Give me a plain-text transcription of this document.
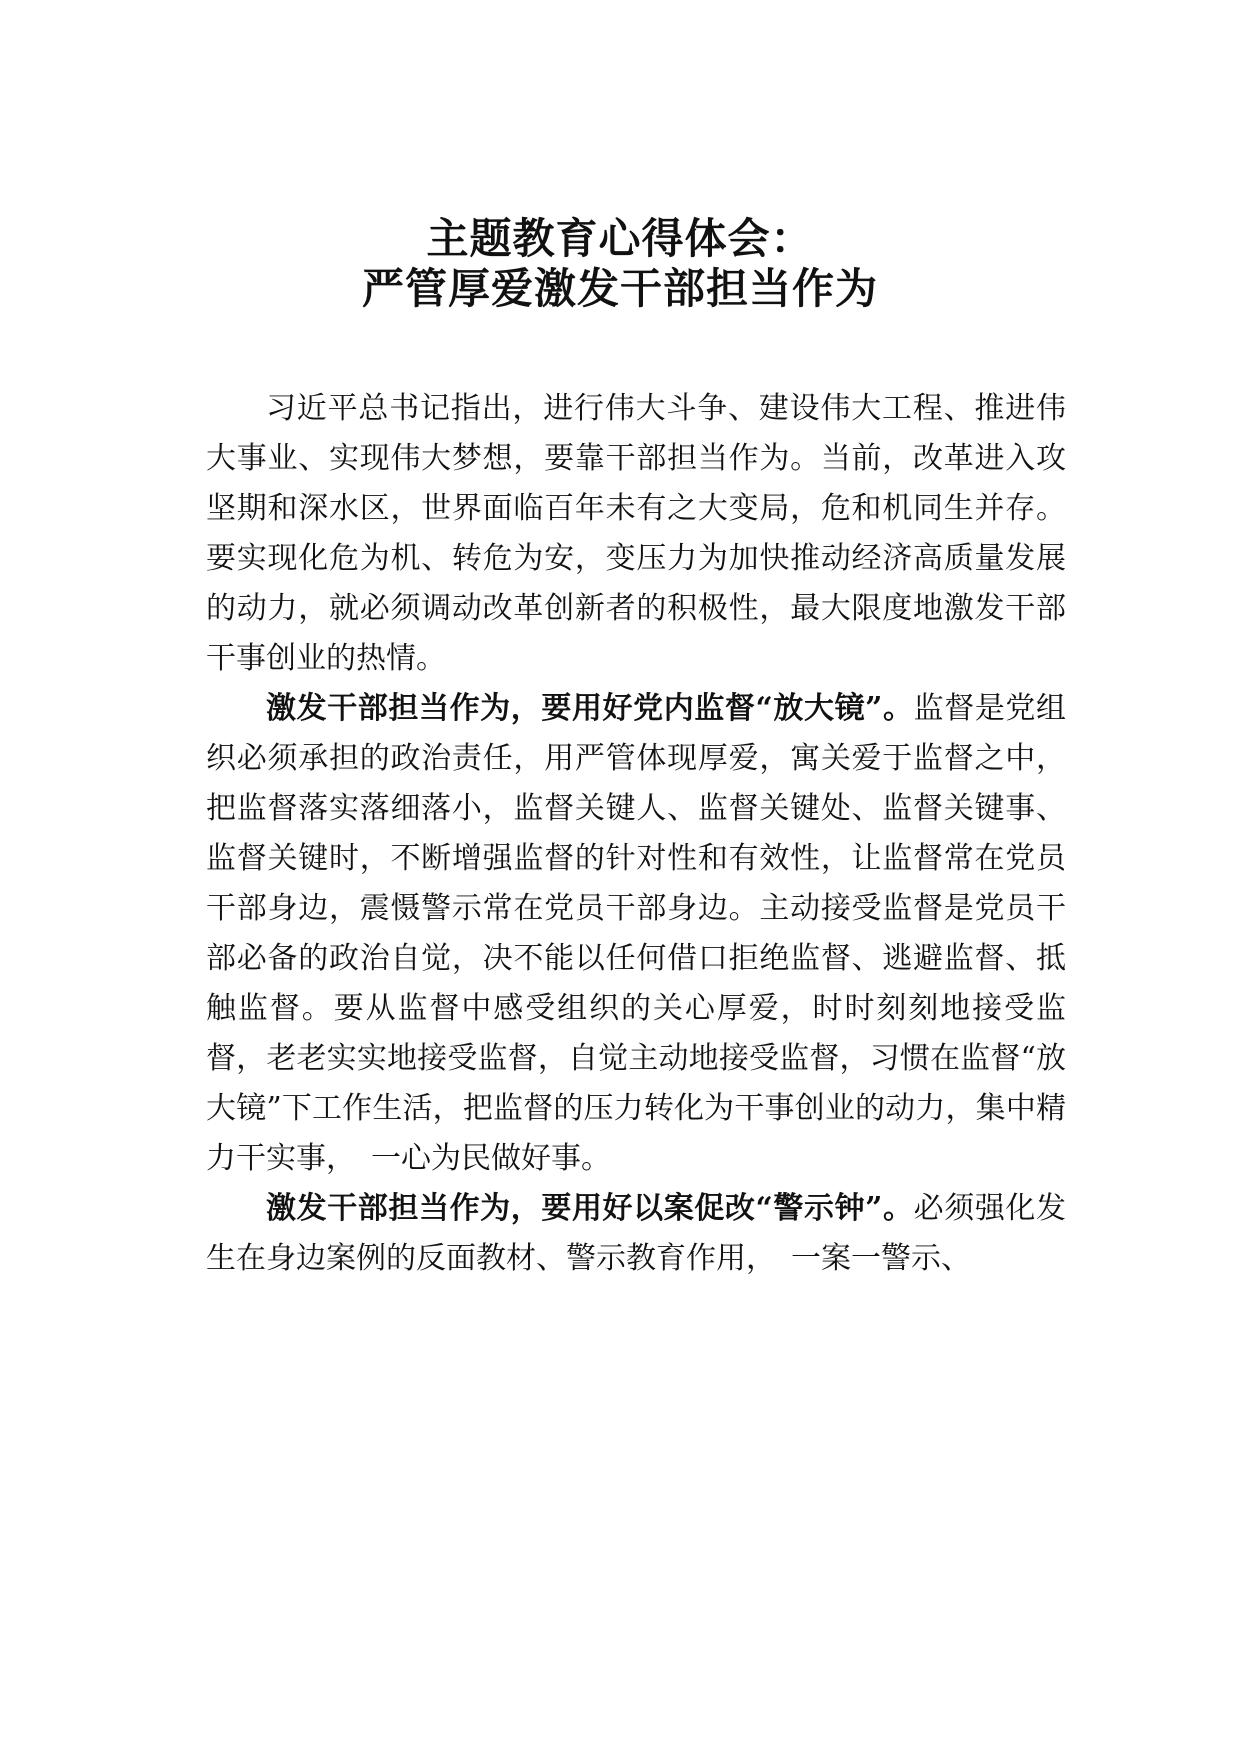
主题教育心得体会：
严管厚爱激发干部担当作为

习近平总书记指出，进行伟大斗争、建设伟大工程、推进伟大事业、实现伟大梦想，要靠干部担当作为。当前，改革进入攻坚期和深水区，世界面临百年未有之大变局，危和机同生并存。要实现化危为机、转危为安，变压力为加快推动经济高质量发展的动力，就必须调动改革创新者的积极性，最大限度地激发干部干事创业的热情。

激发干部担当作为，要用好党内监督“放大镜”。监督是党组织必须承担的政治责任，用严管体现厚爱，寓关爱于监督之中，把监督落实落细落小，监督关键人、监督关键处、监督关键事、监督关键时，不断增强监督的针对性和有效性，让监督常在党员干部身边，震慑警示常在党员干部身边。主动接受监督是党员干部必备的政治自觉，决不能以任何借口拒绝监督、逃避监督、抵触监督。要从监督中感受组织的关心厚爱，时时刻刻地接受监督，老老实实地接受监督，自觉主动地接受监督，习惯在监督“放大镜”下工作生活，把监督的压力转化为干事创业的动力，集中精力干实事，　一心为民做好事。

激发干部担当作为，要用好以案促改“警示钟”。必须强化发生在身边案例的反面教材、警示教育作用，　一案一警示、
